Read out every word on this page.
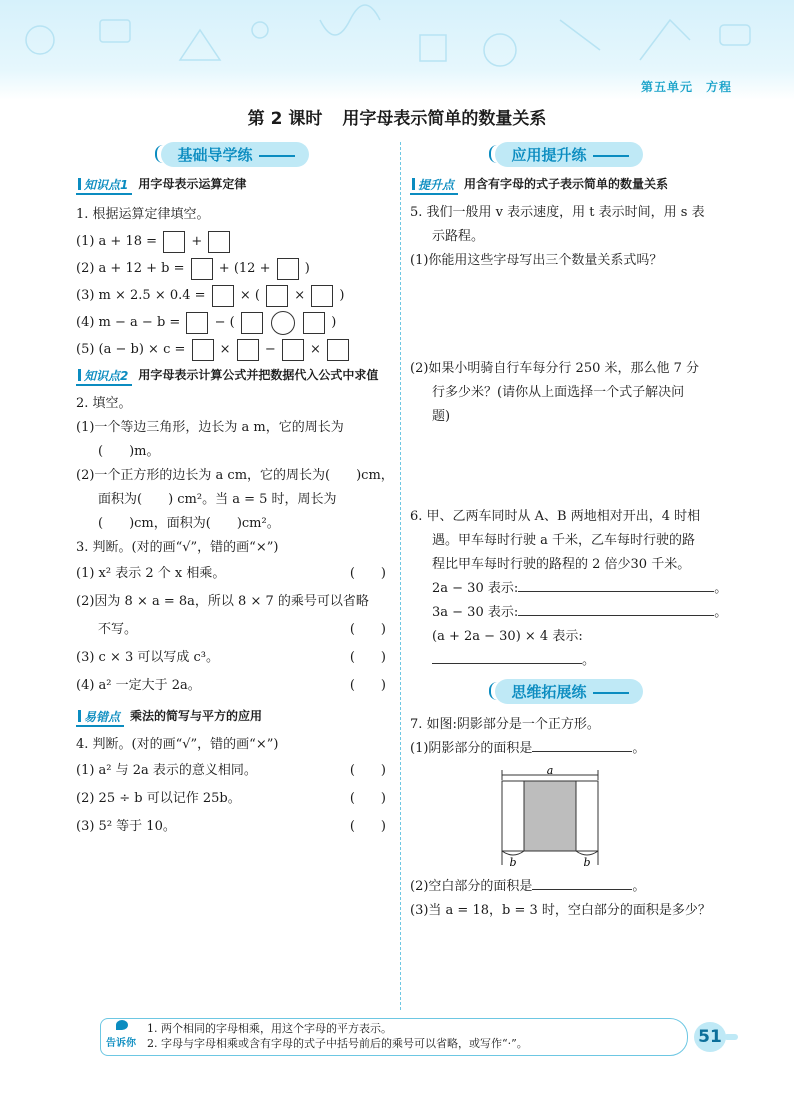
第五单元　方程
第 2 课时 用字母表示简单的数量关系
基础导学练
知识点1 用字母表示运算定律
1. 根据运算定律填空。
(1) a + 18 =	+
(2) a + 12 + b =	+ (12 +	)
(3) m × 2.5 × 0.4 =	× (	×	)
(4) m − a − b =	− (	)
(5) (a − b) × c =	×	−	×
知识点2 用字母表示计算公式并把数据代入公式中求值
2. 填空。
(1)一个等边三角形，边长为 a m，它的周长为
(　　)m。
(2)一个正方形的边长为 a cm，它的周长为(　　)cm，
面积为(　　) cm²。当 a = 5 时，周长为
(　　)cm，面积为(　　)cm²。
3. 判断。(对的画“√”，错的画“×”)
(1) x² 表示 2 个 x 相乘。	(　　)
(2)因为 8 × a = 8a，所以 8 × 7 的乘号可以省略
不写。	(　　)
(3) c × 3 可以写成 c³。	(　　)
(4) a² 一定大于 2a。	(　　)
易错点 乘法的简写与平方的应用
4. 判断。(对的画“√”，错的画“×”)
(1) a² 与 2a 表示的意义相同。	(　　)
(2) 25 ÷ b 可以记作 25b。	(　　)
(3) 5² 等于 10。	(　　)
应用提升练
提升点 用含有字母的式子表示简单的数量关系
5. 我们一般用 v 表示速度，用 t 表示时间，用 s 表
示路程。
(1)你能用这些字母写出三个数量关系式吗？
(2)如果小明骑自行车每分行 250 米，那么他 7 分
行多少米？(请你从上面选择一个式子解决问
题)
6. 甲、乙两车同时从 A、B 两地相对开出，4 时相
遇。甲车每时行驶 a 千米，乙车每时行驶的路
程比甲车每时行驶的路程的 2 倍少30 千米。
2a − 30 表示:	。
3a − 30 表示:	。
(a + 2a − 30) × 4 表示:。
思维拓展练
7. 如图:阴影部分是一个正方形。
(1)阴影部分的面积是	。
a
b	b
(2)空白部分的面积是	。
(3)当 a = 18，b = 3 时，空白部分的面积是多少？
告诉你
1. 两个相同的字母相乘，用这个字母的平方表示。
2. 字母与字母相乘或含有字母的式子中括号前后的乘号可以省略，或写作“·”。	51
